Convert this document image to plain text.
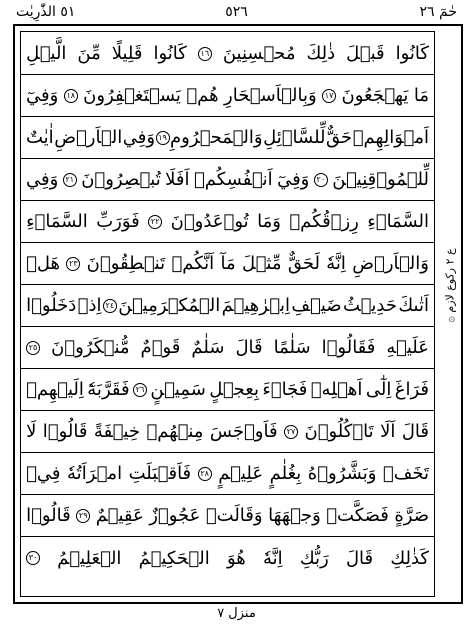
٥١ الذّٰرِيٰت	٥٢٦	حٰمٓ ٢٦
كَانُوا
قَبۡلَ
ذٰلِكَ
مُحۡسِنِينَ
١٦
كَانُوا
قَلِيلًا
مِّنَ
الَّيۡلِ
مَا
يَهۡجَعُونَ
١٧
وَبِالۡاَسۡحَارِ
هُمۡ
يَسۡتَغۡفِرُونَ
١٨
وَفِيٓ
اَمۡوَالِهِمۡ
حَقٌّ
لِّلسَّاۤئِلِ
وَالۡمَحۡرُومِ
١٩
وَفِي
الۡاَرۡضِ
اٰيٰتٌ
لِّلۡمُوۡقِنِيۡنَ
٢٠
وَفِيٓ
اَنۡفُسِكُمۡ
اَفَلَا
تُبۡصِرُوۡنَ
٢١
وَفِي
السَّمَاۤءِ
رِزۡقُكُمۡ
وَمَا
تُوۡعَدُوۡنَ
٢٢
فَوَرَبِّ
السَّمَاۤءِ
وَالۡاَرۡضِ
اِنَّهٗ
لَحَقٌّ
مِّثۡلَ
مَآ
اَنَّكُمۡ
تَنۡطِقُوۡنَ
٢٣
هَلۡ
اَتٰىكَ
حَدِيۡثُ
ضَيۡفِ
اِبۡرٰهِيۡمَ
الۡمُكۡرَمِيۡنَ
٢٤
اِذۡ
دَخَلُوۡا
عَلَيۡهِ
فَقَالُوۡا
سَلٰمًا
قَالَ
سَلٰمٌ
قَوۡمٌ
مُّنۡكَرُوۡنَ
٢٥
فَرَاغَ
اِلٰٓى
اَهۡلِهٖ
فَجَاۤءَ
بِعِجۡلٍ
سَمِيۡنٍ
٢٦
فَقَرَّبَهٗٓ
اِلَيۡهِمۡ
قَالَ
اَلَا
تَاۡكُلُوۡنَ
٢٧
فَاَوۡجَسَ
مِنۡهُمۡ
خِيۡفَةً
قَالُوۡا
لَا
تَخَفۡ
وَبَشَّرُوۡهُ
بِغُلٰمٍ
عَلِيۡمٍ
٢٨
فَاَقۡبَلَتِ
امۡرَاَتُهٗ
فِيۡ
صَرَّةٍ
فَصَكَّتۡ
وَجۡهَهَا
وَقَالَتۡ
عَجُوۡزٌ
عَقِيۡمٌ
٢٩
قَالُوۡا
كَذٰلِكِ
قَالَ
رَبُّكِ
اِنَّهٗ
هُوَ
الۡحَكِيۡمُ
الۡعَلِيۡمُ
٣٠
۞ ع ٢ رکوع لازم
منزل ٧
